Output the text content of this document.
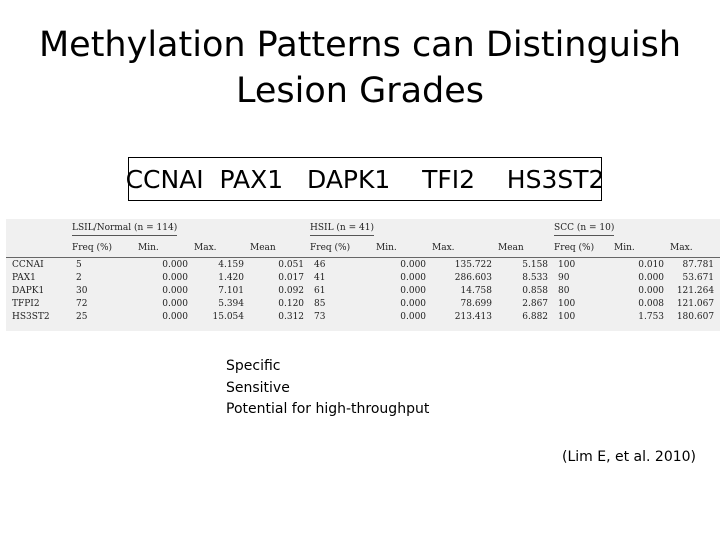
Methylation Patterns can Distinguish
Lesion Grades
CCNAI  PAX1   DAPK1    TFI2    HS3ST2
	LSIL/Normal (n = 114)				HSIL (n = 41)				SCC (n = 10)		
	Freq (%)	Min.	Max.	Mean	Freq (%)	Min.	Max.	Mean	Freq (%)	Min.	Max.
CCNAI	5	0.000	4.159	0.051	46	0.000	135.722	5.158	100	0.010	87.781
PAX1	2	0.000	1.420	0.017	41	0.000	286.603	8.533	90	0.000	53.671
DAPK1	30	0.000	7.101	0.092	61	0.000	14.758	0.858	80	0.000	121.264
TFPI2	72	0.000	5.394	0.120	85	0.000	78.699	2.867	100	0.008	121.067
HS3ST2	25	0.000	15.054	0.312	73	0.000	213.413	6.882	100	1.753	180.607
Specific
Sensitive
Potential for high-throughput
(Lim E, et al. 2010)
